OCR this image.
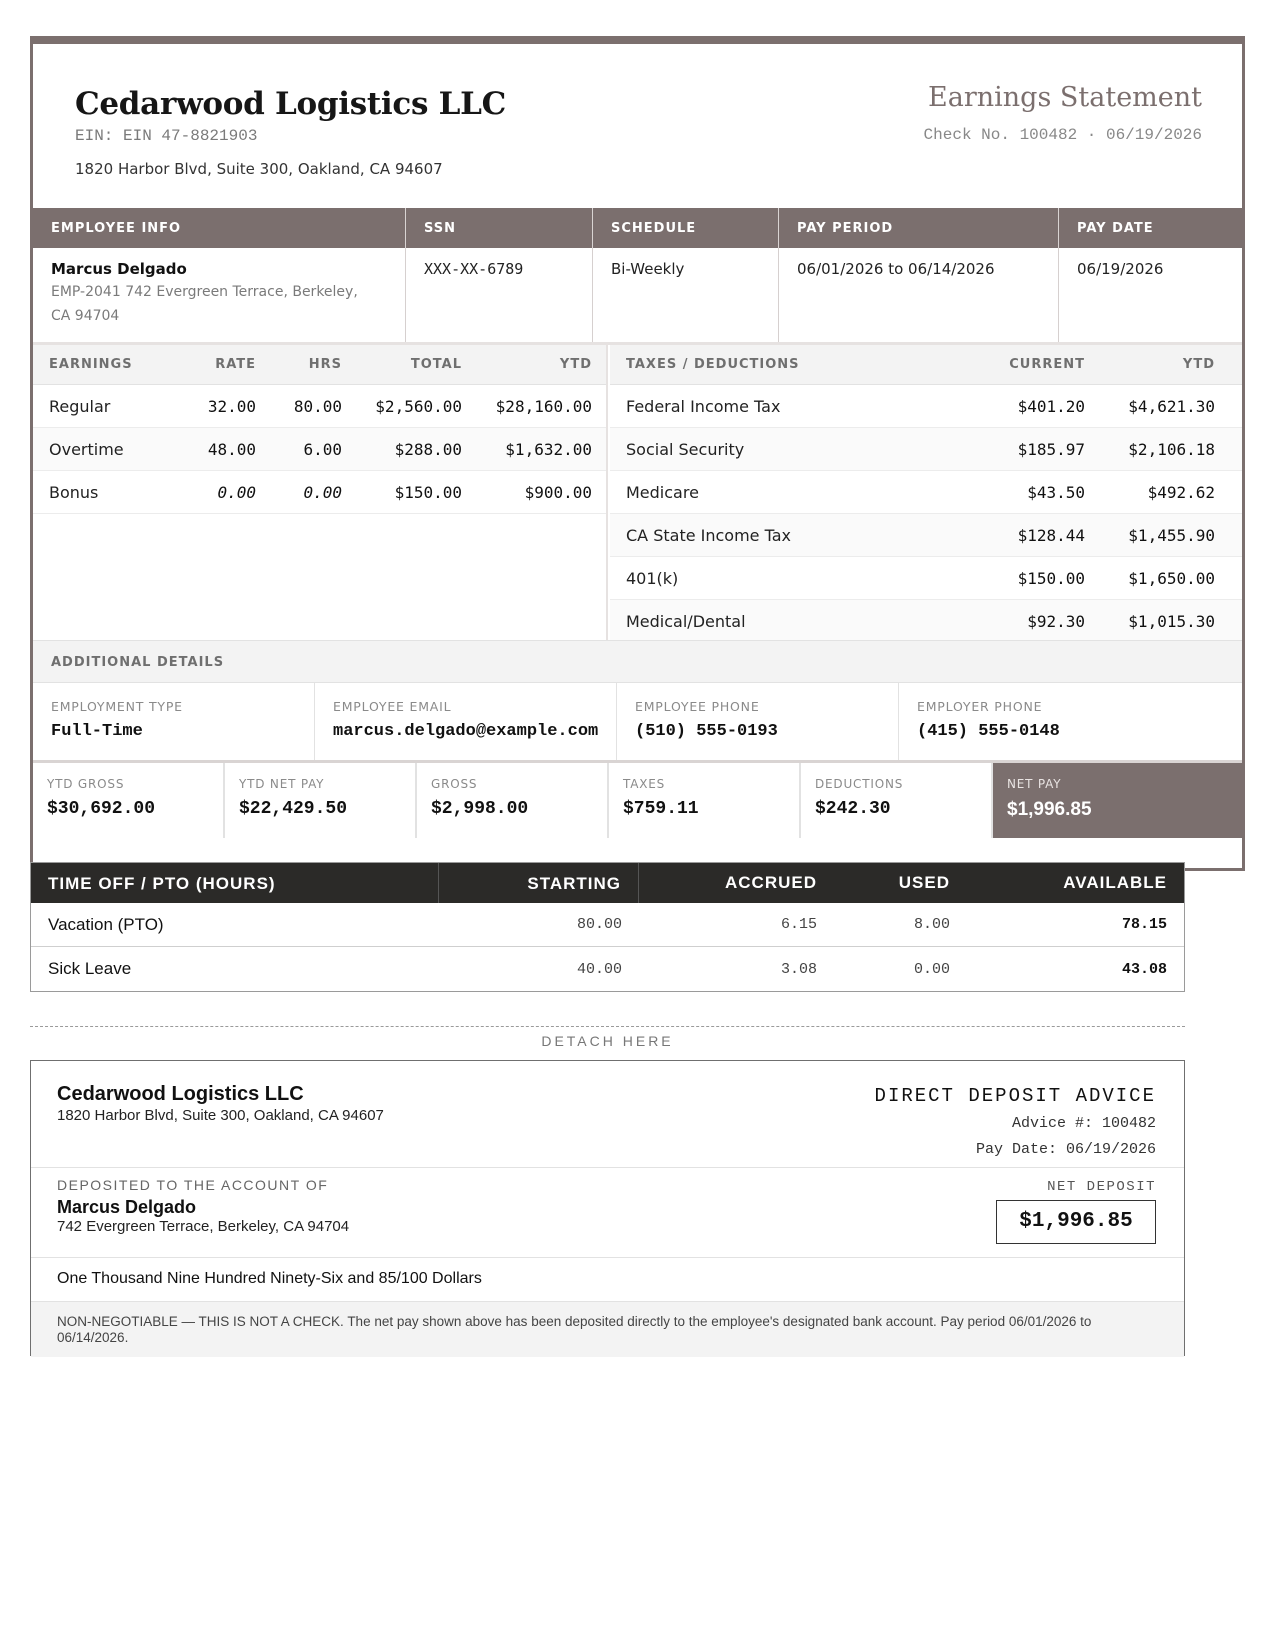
Cedarwood Logistics LLC
EIN: EIN 47-8821903
1820 Harbor Blvd, Suite 300, Oakland, CA 94607
Earnings Statement
Check No. 100482 · 06/19/2026
EMPLOYEE INFO	SSN	SCHEDULE	PAY PERIOD	PAY DATE
Marcus Delgado
EMP-2041 742 Evergreen Terrace, Berkeley, CA 94704
XXX-XX-6789	Bi-Weekly	06/01/2026 to 06/14/2026	06/19/2026
EARNINGS	RATE	HRS	TOTAL	YTD
Regular	32.00	80.00	$2,560.00	$28,160.00
Overtime	48.00	6.00	$288.00	$1,632.00
Bonus	0.00	0.00	$150.00	$900.00
TAXES / DEDUCTIONS	CURRENT	YTD
Federal Income Tax	$401.20	$4,621.30
Social Security	$185.97	$2,106.18
Medicare	$43.50	$492.62
CA State Income Tax	$128.44	$1,455.90
401(k)	$150.00	$1,650.00
Medical/Dental	$92.30	$1,015.30
ADDITIONAL DETAILS
EMPLOYMENT TYPE
Full-Time
EMPLOYEE EMAIL
marcus.delgado@example.com
EMPLOYEE PHONE
(510) 555-0193
EMPLOYER PHONE
(415) 555-0148
YTD GROSS
$30,692.00
YTD NET PAY
$22,429.50
GROSS
$2,998.00
TAXES
$759.11
DEDUCTIONS
$242.30
NET PAY
$1,996.85
TIME OFF / PTO (HOURS)	STARTING	ACCRUED	USED	AVAILABLE
Vacation (PTO)	80.00	6.15	8.00	78.15
Sick Leave	40.00	3.08	0.00	43.08
DETACH HERE
Cedarwood Logistics LLC
1820 Harbor Blvd, Suite 300, Oakland, CA 94607
DIRECT DEPOSIT ADVICE
Advice #: 100482
Pay Date: 06/19/2026
DEPOSITED TO THE ACCOUNT OF
Marcus Delgado
742 Evergreen Terrace, Berkeley, CA 94704
NET DEPOSIT
$1,996.85
One Thousand Nine Hundred Ninety-Six and 85/100 Dollars
NON-NEGOTIABLE — THIS IS NOT A CHECK. The net pay shown above has been deposited directly to the employee's designated bank account. Pay period 06/01/2026 to 06/14/2026.
